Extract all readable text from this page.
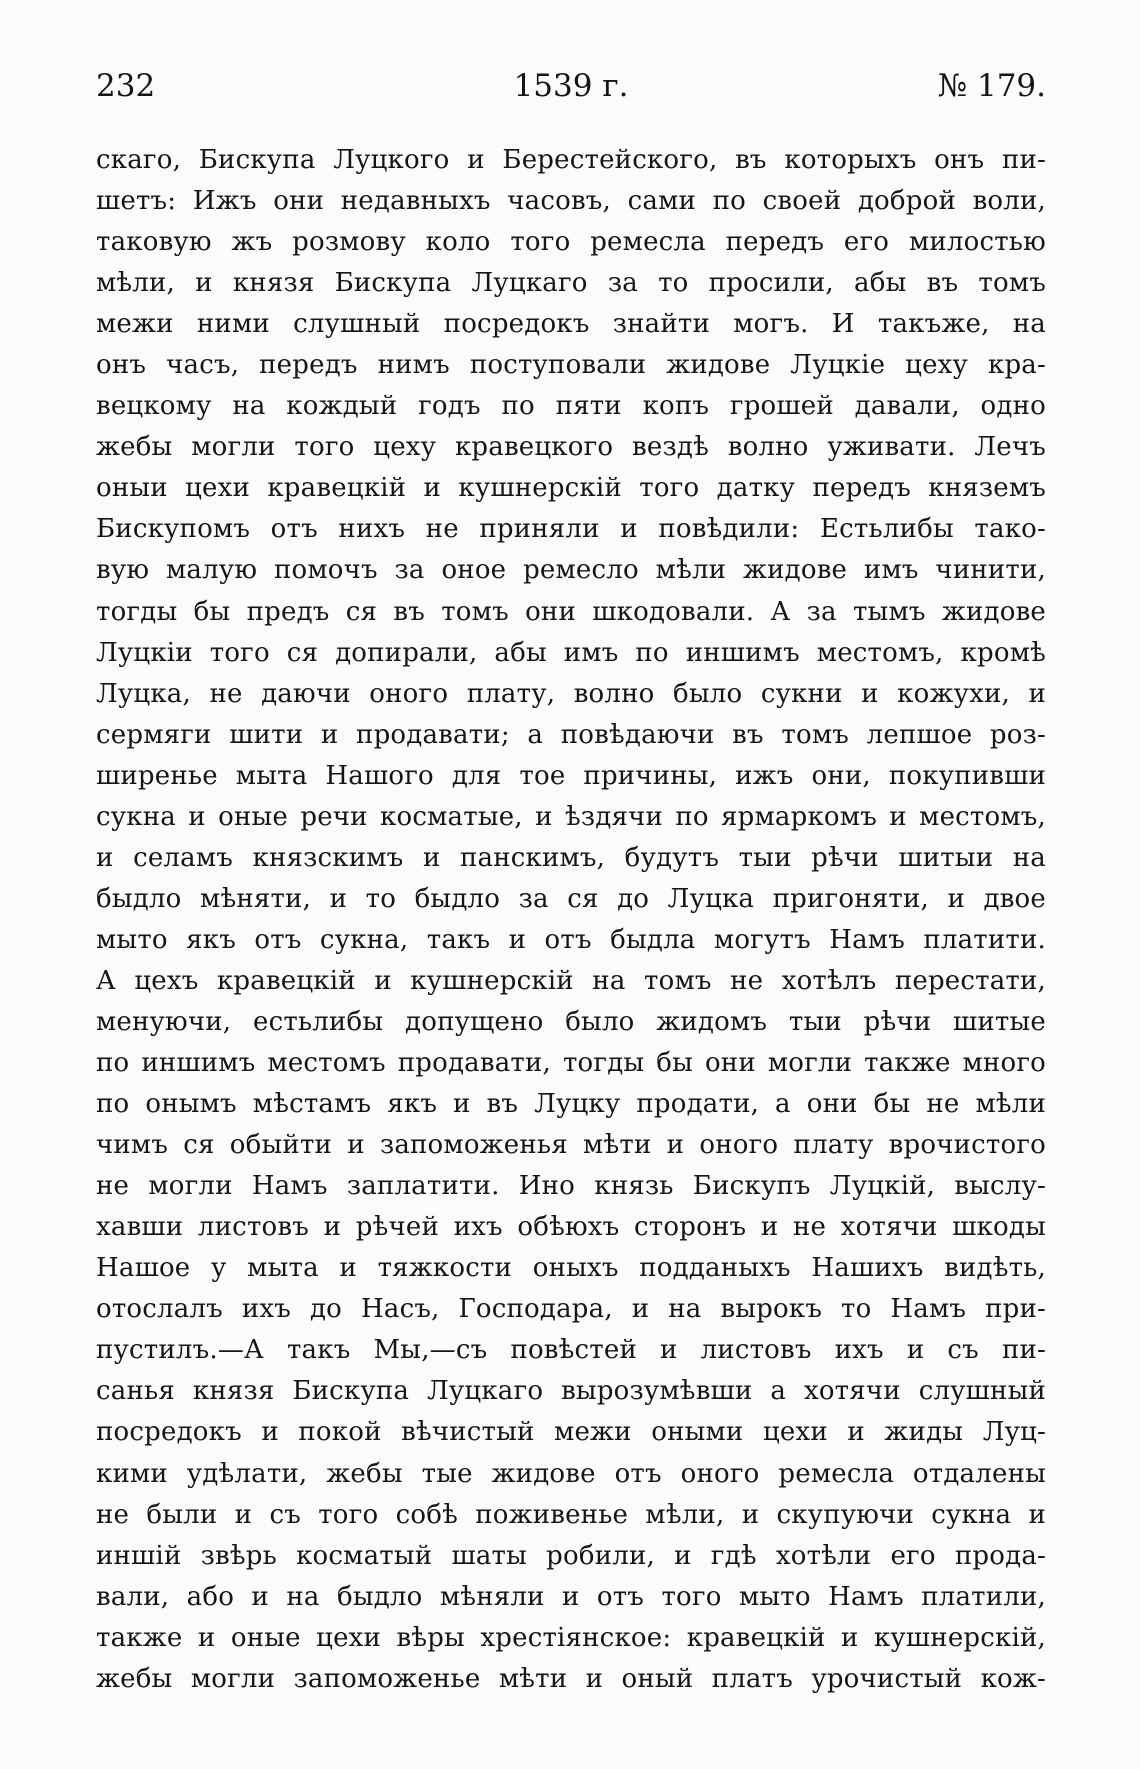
232	1539 г.	№ 179.
скаго, Бискупа Луцкого и Берестейского, въ которыхъ онъ пи-
шетъ: Ижъ они недавныхъ часовъ, сами по своей доброй воли,
таковую жъ розмову коло того ремесла передъ его милостью
мѣли, и князя Бискупа Луцкаго за то просили, абы въ томъ
межи ними слушный посредокъ знайти могъ. И такъже, на
онъ часъ, передъ нимъ поступовали жидове Луцкіе цеху кра-
вецкому на кождый годъ по пяти копъ грошей давали, одно
жебы могли того цеху кравецкого вездѣ волно уживати. Лечъ
оныи цехи кравецкій и кушнерскій того датку передъ княземъ
Бискупомъ отъ нихъ не приняли и повѣдили: Естьлибы тако-
вую малую помочъ за оное ремесло мѣли жидове имъ чинити,
тогды бы предъ ся въ томъ они шкодовали. А за тымъ жидове
Луцкіи того ся допирали, абы имъ по иншимъ местомъ, кромѣ
Луцка, не даючи оного плату, волно было сукни и кожухи, и
сермяги шити и продавати; а повѣдаючи въ томъ лепшое роз-
ширенье мыта Нашого для тое причины, ижъ они, покупивши
сукна и оные речи косматые, и ѣздячи по ярмаркомъ и местомъ,
и селамъ князскимъ и панскимъ, будутъ тыи рѣчи шитыи на
быдло мѣняти, и то быдло за ся до Луцка пригоняти, и двое
мыто якъ отъ сукна, такъ и отъ быдла могутъ Намъ платити.
А цехъ кравецкій и кушнерскій на томъ не хотѣлъ перестати,
менуючи, естьлибы допущено было жидомъ тыи рѣчи шитые
по иншимъ местомъ продавати, тогды бы они могли также много
по онымъ мѣстамъ якъ и въ Луцку продати, а они бы не мѣли
чимъ ся обыйти и запоможенья мѣти и оного плату врочистого
не могли Намъ заплатити. Ино князь Бискупъ Луцкій, выслу-
хавши листовъ и рѣчей ихъ обѣюхъ сторонъ и не хотячи шкоды
Нашое у мыта и тяжкости оныхъ подданыхъ Нашихъ видѣть,
отослалъ ихъ до Насъ, Господара, и на вырокъ то Намъ при-
пустилъ.—А такъ Мы,—съ повѣстей и листовъ ихъ и съ пи-
санья князя Бискупа Луцкаго вырозумѣвши а хотячи слушный
посредокъ и покой вѣчистый межи оными цехи и жиды Луц-
кими удѣлати, жебы тые жидове отъ оного ремесла отдалены
не были и съ того собѣ поживенье мѣли, и скупуючи сукна и
иншій звѣрь косматый шаты робили, и гдѣ хотѣли его прода-
вали, або и на быдло мѣняли и отъ того мыто Намъ платили,
также и оные цехи вѣры хрестіянское: кравецкій и кушнерскій,
жебы могли запоможенье мѣти и оный платъ урочистый кож-
